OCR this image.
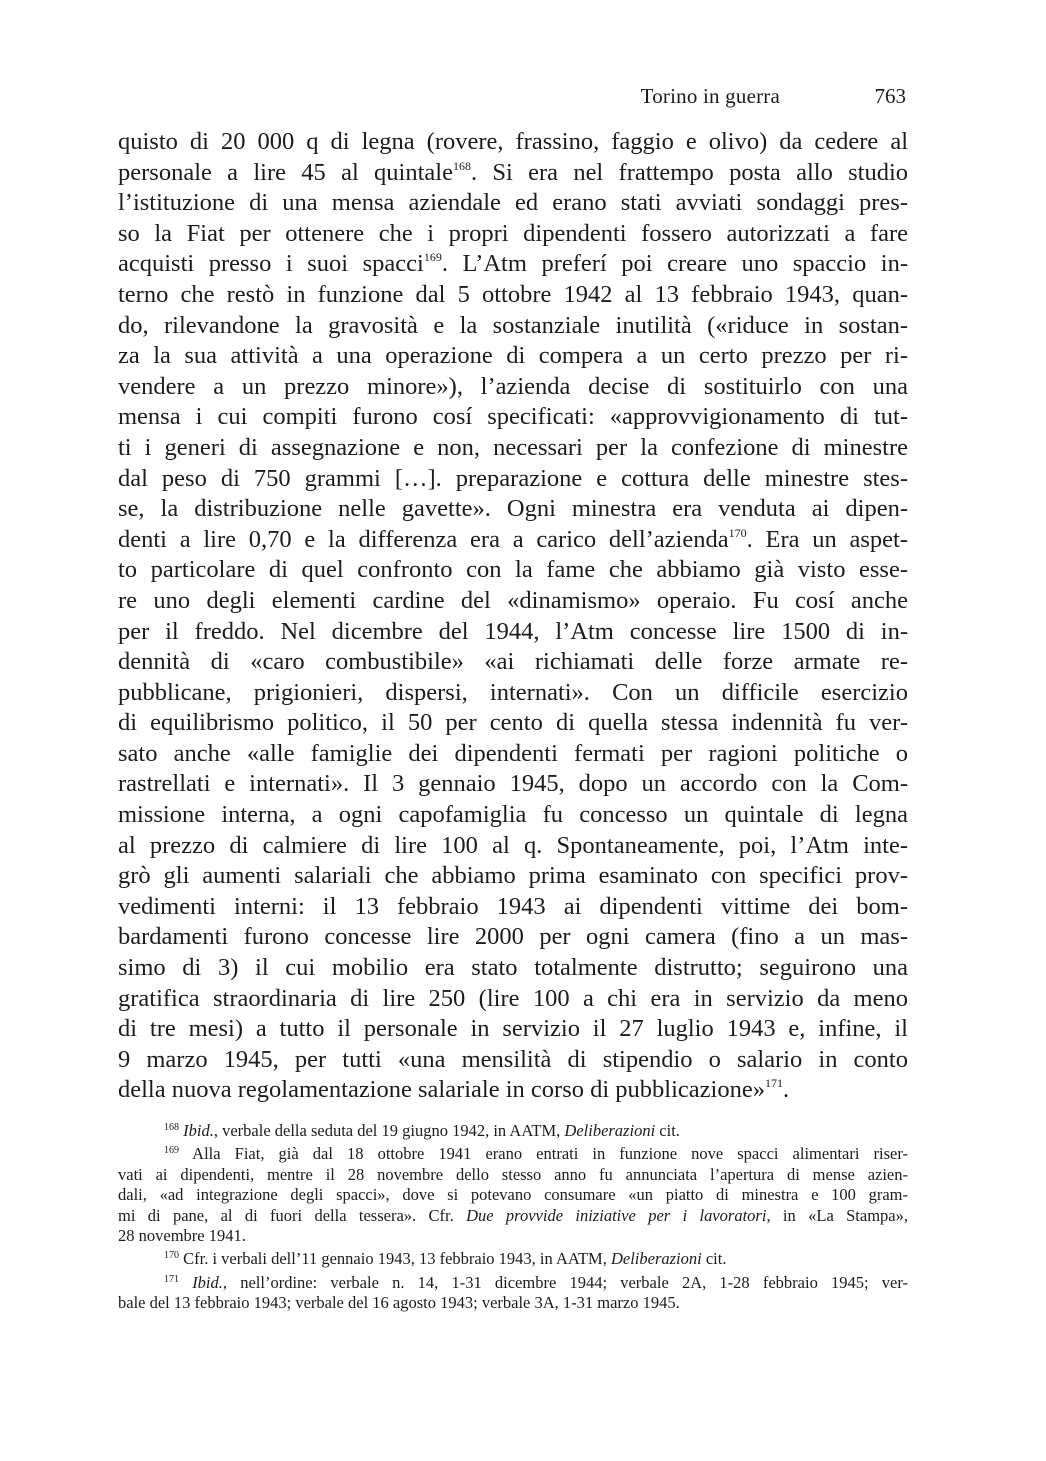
Torino in guerra	763
quisto di 20 000 q di legna (rovere, frassino, faggio e olivo) da cedere al
personale a lire 45 al quintale$^{168}$. Si era nel frattempo posta allo studio
l’istituzione di una mensa aziendale ed erano stati avviati sondaggi pres-
so la Fiat per ottenere che i propri dipendenti fossero autorizzati a fare
acquisti presso i suoi spacci$^{169}$. L’Atm preferí poi creare uno spaccio in-
terno che restò in funzione dal 5 ottobre 1942 al 13 febbraio 1943, quan-
do, rilevandone la gravosità e la sostanziale inutilità («riduce in sostan-
za la sua attività a una operazione di compera a un certo prezzo per ri-
vendere a un prezzo minore»), l’azienda decise di sostituirlo con una
mensa i cui compiti furono cosí specificati: «approvvigionamento di tut-
ti i generi di assegnazione e non, necessari per la confezione di minestre
dal peso di 750 grammi […]. preparazione e cottura delle minestre stes-
se, la distribuzione nelle gavette». Ogni minestra era venduta ai dipen-
denti a lire 0,70 e la differenza era a carico dell’azienda$^{170}$. Era un aspet-
to particolare di quel confronto con la fame che abbiamo già visto esse-
re uno degli elementi cardine del «dinamismo» operaio. Fu cosí anche
per il freddo. Nel dicembre del 1944, l’Atm concesse lire 1500 di in-
dennità di «caro combustibile» «ai richiamati delle forze armate re-
pubblicane, prigionieri, dispersi, internati». Con un difficile esercizio
di equilibrismo politico, il 50 per cento di quella stessa indennità fu ver-
sato anche «alle famiglie dei dipendenti fermati per ragioni politiche o
rastrellati e internati». Il 3 gennaio 1945, dopo un accordo con la Com-
missione interna, a ogni capofamiglia fu concesso un quintale di legna
al prezzo di calmiere di lire 100 al q. Spontaneamente, poi, l’Atm inte-
grò gli aumenti salariali che abbiamo prima esaminato con specifici prov-
vedimenti interni: il 13 febbraio 1943 ai dipendenti vittime dei bom-
bardamenti furono concesse lire 2000 per ogni camera (fino a un mas-
simo di 3) il cui mobilio era stato totalmente distrutto; seguirono una
gratifica straordinaria di lire 250 (lire 100 a chi era in servizio da meno
di tre mesi) a tutto il personale in servizio il 27 luglio 1943 e, infine, il
9 marzo 1945, per tutti «una mensilità di stipendio o salario in conto
della nuova regolamentazione salariale in corso di pubblicazione»$^{171}$.
$^{168}$ Ibid., verbale della seduta del 19 giugno 1942, in AATM, Deliberazioni cit.
$^{169}$ Alla Fiat, già dal 18 ottobre 1941 erano entrati in funzione nove spacci alimentari riser-
vati ai dipendenti, mentre il 28 novembre dello stesso anno fu annunciata l’apertura di mense azien-
dali, «ad integrazione degli spacci», dove si potevano consumare «un piatto di minestra e 100 gram-
mi di pane, al di fuori della tessera». Cfr. Due provvide iniziative per i lavoratori, in «La Stampa»,
28 novembre 1941.
$^{170}$ Cfr. i verbali dell’11 gennaio 1943, 13 febbraio 1943, in AATM, Deliberazioni cit.
$^{171}$ Ibid., nell’ordine: verbale n. 14, 1-31 dicembre 1944; verbale 2A, 1-28 febbraio 1945; ver-
bale del 13 febbraio 1943; verbale del 16 agosto 1943; verbale 3A, 1-31 marzo 1945.
